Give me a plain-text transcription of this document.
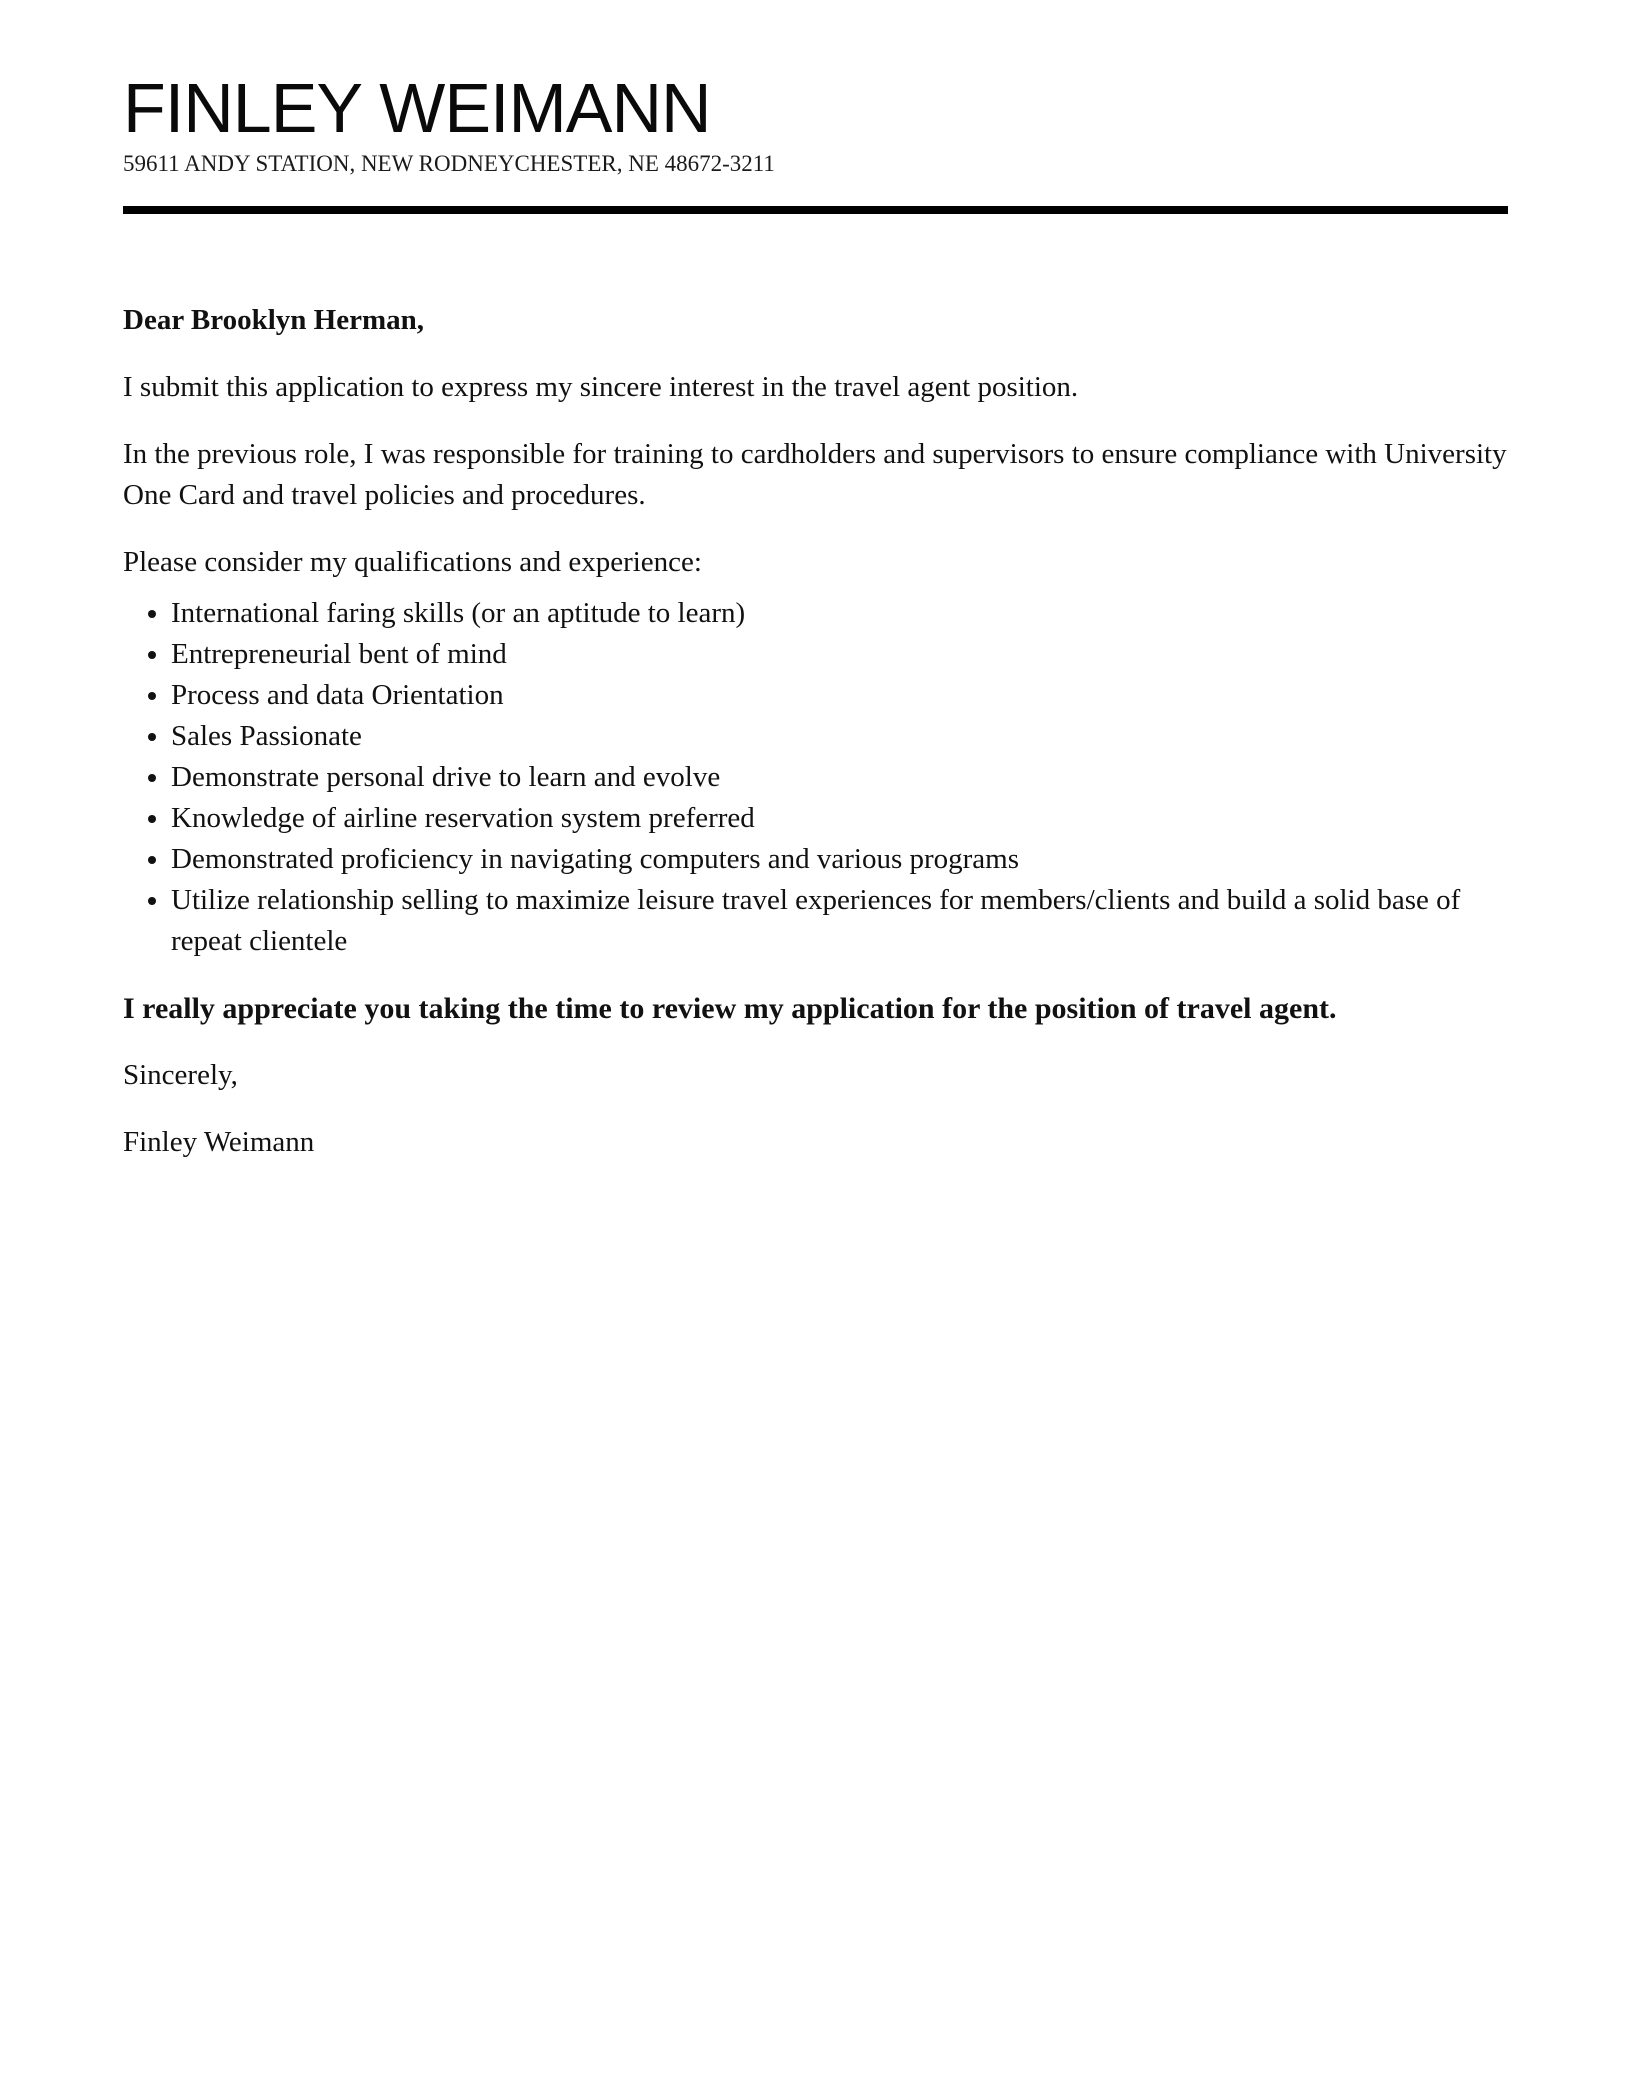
FINLEY WEIMANN
59611 ANDY STATION, NEW RODNEYCHESTER, NE 48672-3211

Dear Brooklyn Herman,

I submit this application to express my sincere interest in the travel agent position.

In the previous role, I was responsible for training to cardholders and supervisors to ensure compliance with University One Card and travel policies and procedures.

Please consider my qualifications and experience:

• International faring skills (or an aptitude to learn)
• Entrepreneurial bent of mind
• Process and data Orientation
• Sales Passionate
• Demonstrate personal drive to learn and evolve
• Knowledge of airline reservation system preferred
• Demonstrated proficiency in navigating computers and various programs
• Utilize relationship selling to maximize leisure travel experiences for members/clients and build a solid base of repeat clientele

I really appreciate you taking the time to review my application for the position of travel agent.

Sincerely,

Finley Weimann
